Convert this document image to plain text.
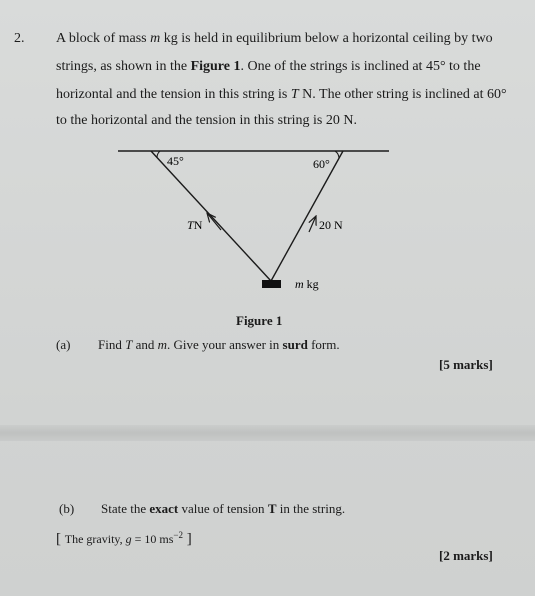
2. A block of mass m kg is held in equilibrium below a horizontal ceiling by two
strings, as shown in the Figure 1. One of the strings is inclined at 45° to the
horizontal and the tension in this string is T N. The other string is inclined at 60°
to the horizontal and the tension in this string is 20 N.
45°	60°
TN	20 N
m kg
Figure 1
(a) Find T and m. Give your answer in surd form.
[5 marks]
(b) State the exact value of tension T in the string.
[ The gravity, g = 10 $ms^{-2}$ ]
[2 marks]
